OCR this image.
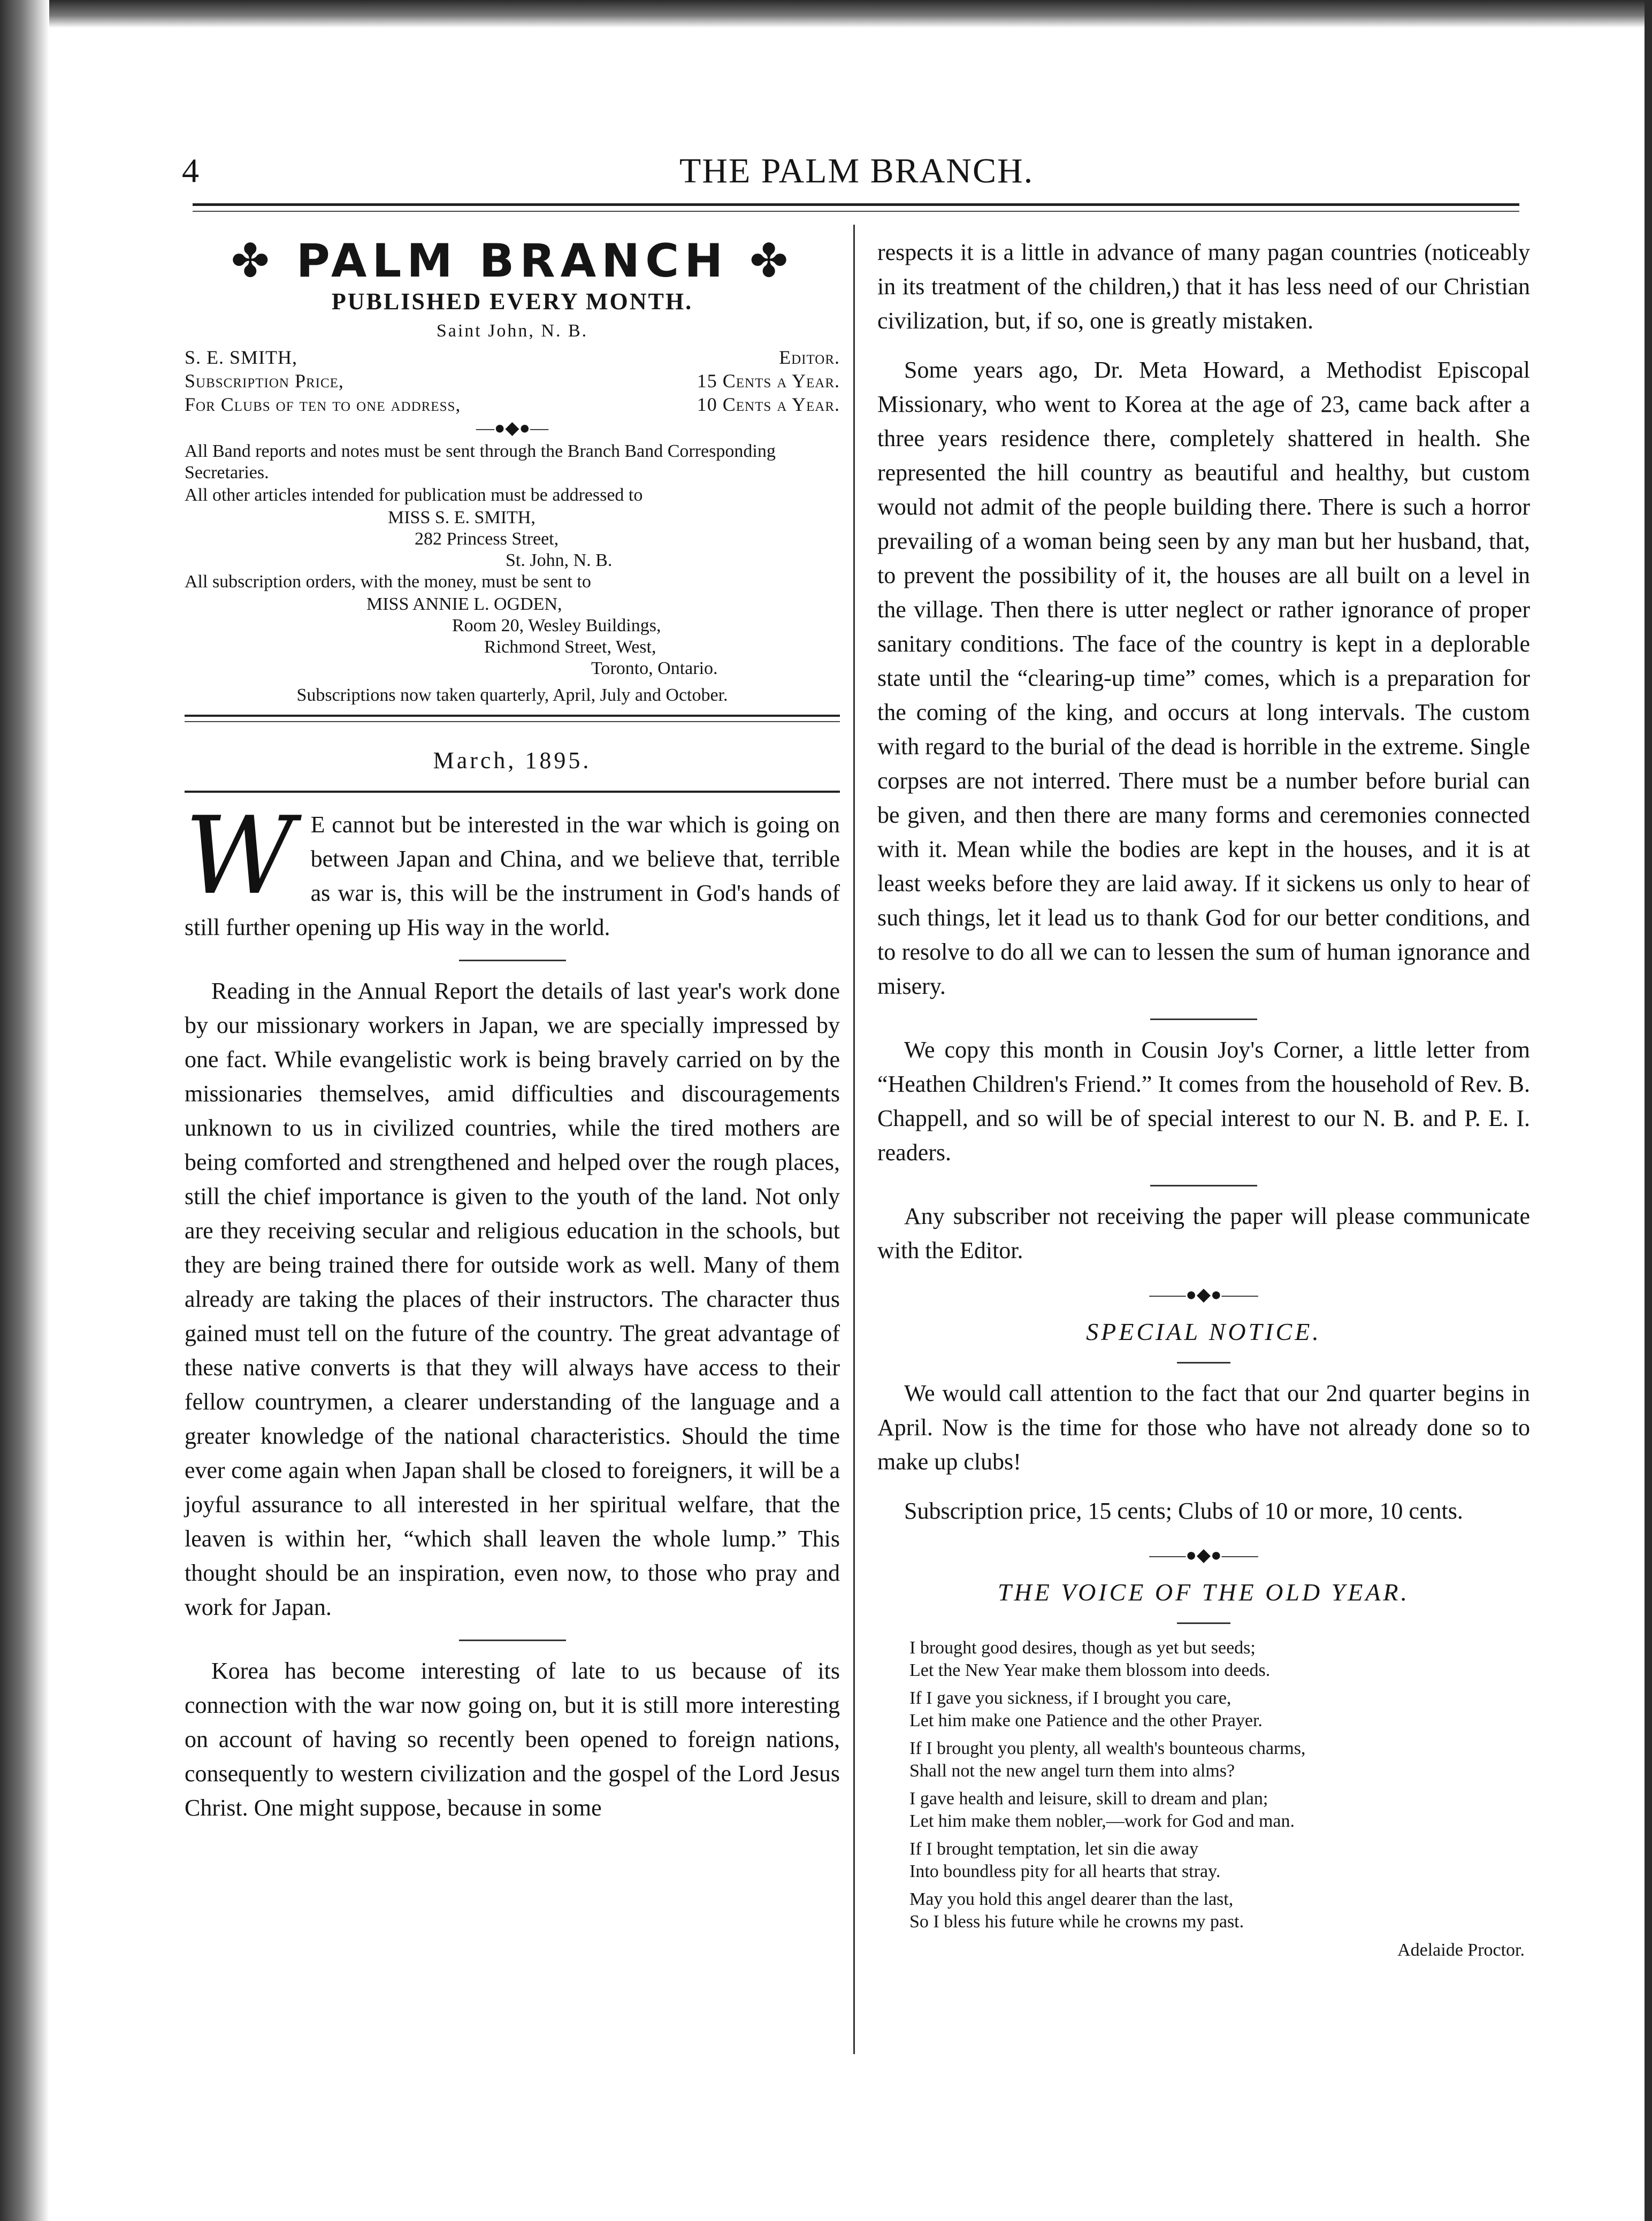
4	THE PALM BRANCH.
✤ PALM BRANCH ✤
PUBLISHED EVERY MONTH.
Saint John, N. B.
S. E. SMITH,	Editor.
Subscription Price,	15 Cents a Year.
For Clubs of ten to one address,	10 Cents a Year.
—●◆●—
All Band reports and notes must be sent through the Branch Band Corresponding Secretaries.
All other articles intended for publication must be addressed to
MISS S. E. SMITH,
282 Princess Street,
St. John, N. B.
All subscription orders, with the money, must be sent to
MISS ANNIE L. OGDEN,
Room 20, Wesley Buildings,
Richmond Street, West,
Toronto, Ontario.
Subscriptions now taken quarterly, April, July and October.
March, 1895.

W E cannot but be interested in the war which is going on between Japan and China, and we believe that, terrible as war is, this will be the instrument in God's hands of still further opening up His way in the world.

Reading in the Annual Report the details of last year's work done by our missionary workers in Japan, we are specially impressed by one fact. While evangelistic work is being bravely carried on by the missionaries themselves, amid difficulties and discouragements unknown to us in civilized countries, while the tired mothers are being comforted and strengthened and helped over the rough places, still the chief importance is given to the youth of the land. Not only are they receiving secular and religious education in the schools, but they are being trained there for outside work as well. Many of them already are taking the places of their instructors. The character thus gained must tell on the future of the country. The great advantage of these native converts is that they will always have access to their fellow countrymen, a clearer understanding of the language and a greater knowledge of the national characteristics. Should the time ever come again when Japan shall be closed to foreigners, it will be a joyful assurance to all interested in her spiritual welfare, that the leaven is within her, “which shall leaven the whole lump.” This thought should be an inspiration, even now, to those who pray and work for Japan.

Korea has become interesting of late to us because of its connection with the war now going on, but it is still more interesting on account of having so recently been opened to foreign nations, consequently to western civilization and the gospel of the Lord Jesus Christ. One might suppose, because in some

respects it is a little in advance of many pagan countries (noticeably in its treatment of the children,) that it has less need of our Christian civilization, but, if so, one is greatly mistaken.

Some years ago, Dr. Meta Howard, a Methodist Episcopal Missionary, who went to Korea at the age of 23, came back after a three years residence there, completely shattered in health. She represented the hill country as beautiful and healthy, but custom would not admit of the people building there. There is such a horror prevailing of a woman being seen by any man but her husband, that, to prevent the possibility of it, the houses are all built on a level in the village. Then there is utter neglect or rather ignorance of proper sanitary conditions. The face of the country is kept in a deplorable state until the “clearing-up time” comes, which is a preparation for the coming of the king, and occurs at long intervals. The custom with regard to the burial of the dead is horrible in the extreme. Single corpses are not interred. There must be a number before burial can be given, and then there are many forms and ceremonies connected with it. Mean while the bodies are kept in the houses, and it is at least weeks before they are laid away. If it sickens us only to hear of such things, let it lead us to thank God for our better conditions, and to resolve to do all we can to lessen the sum of human ignorance and misery.

We copy this month in Cousin Joy's Corner, a little letter from “Heathen Children's Friend.” It comes from the household of Rev. B. Chappell, and so will be of special interest to our N. B. and P. E. I. readers.

Any subscriber not receiving the paper will please communicate with the Editor.

——●◆●——
SPECIAL NOTICE.

We would call attention to the fact that our 2nd quarter begins in April. Now is the time for those who have not already done so to make up clubs!

Subscription price, 15 cents; Clubs of 10 or more, 10 cents.

——●◆●——
THE VOICE OF THE OLD YEAR.
I brought good desires, though as yet but seeds;
Let the New Year make them blossom into deeds.
If I gave you sickness, if I brought you care,
Let him make one Patience and the other Prayer.
If I brought you plenty, all wealth's bounteous charms,
Shall not the new angel turn them into alms?
I gave health and leisure, skill to dream and plan;
Let him make them nobler,—work for God and man.
If I brought temptation, let sin die away
Into boundless pity for all hearts that stray.
May you hold this angel dearer than the last,
So I bless his future while he crowns my past.
Adelaide Proctor.
